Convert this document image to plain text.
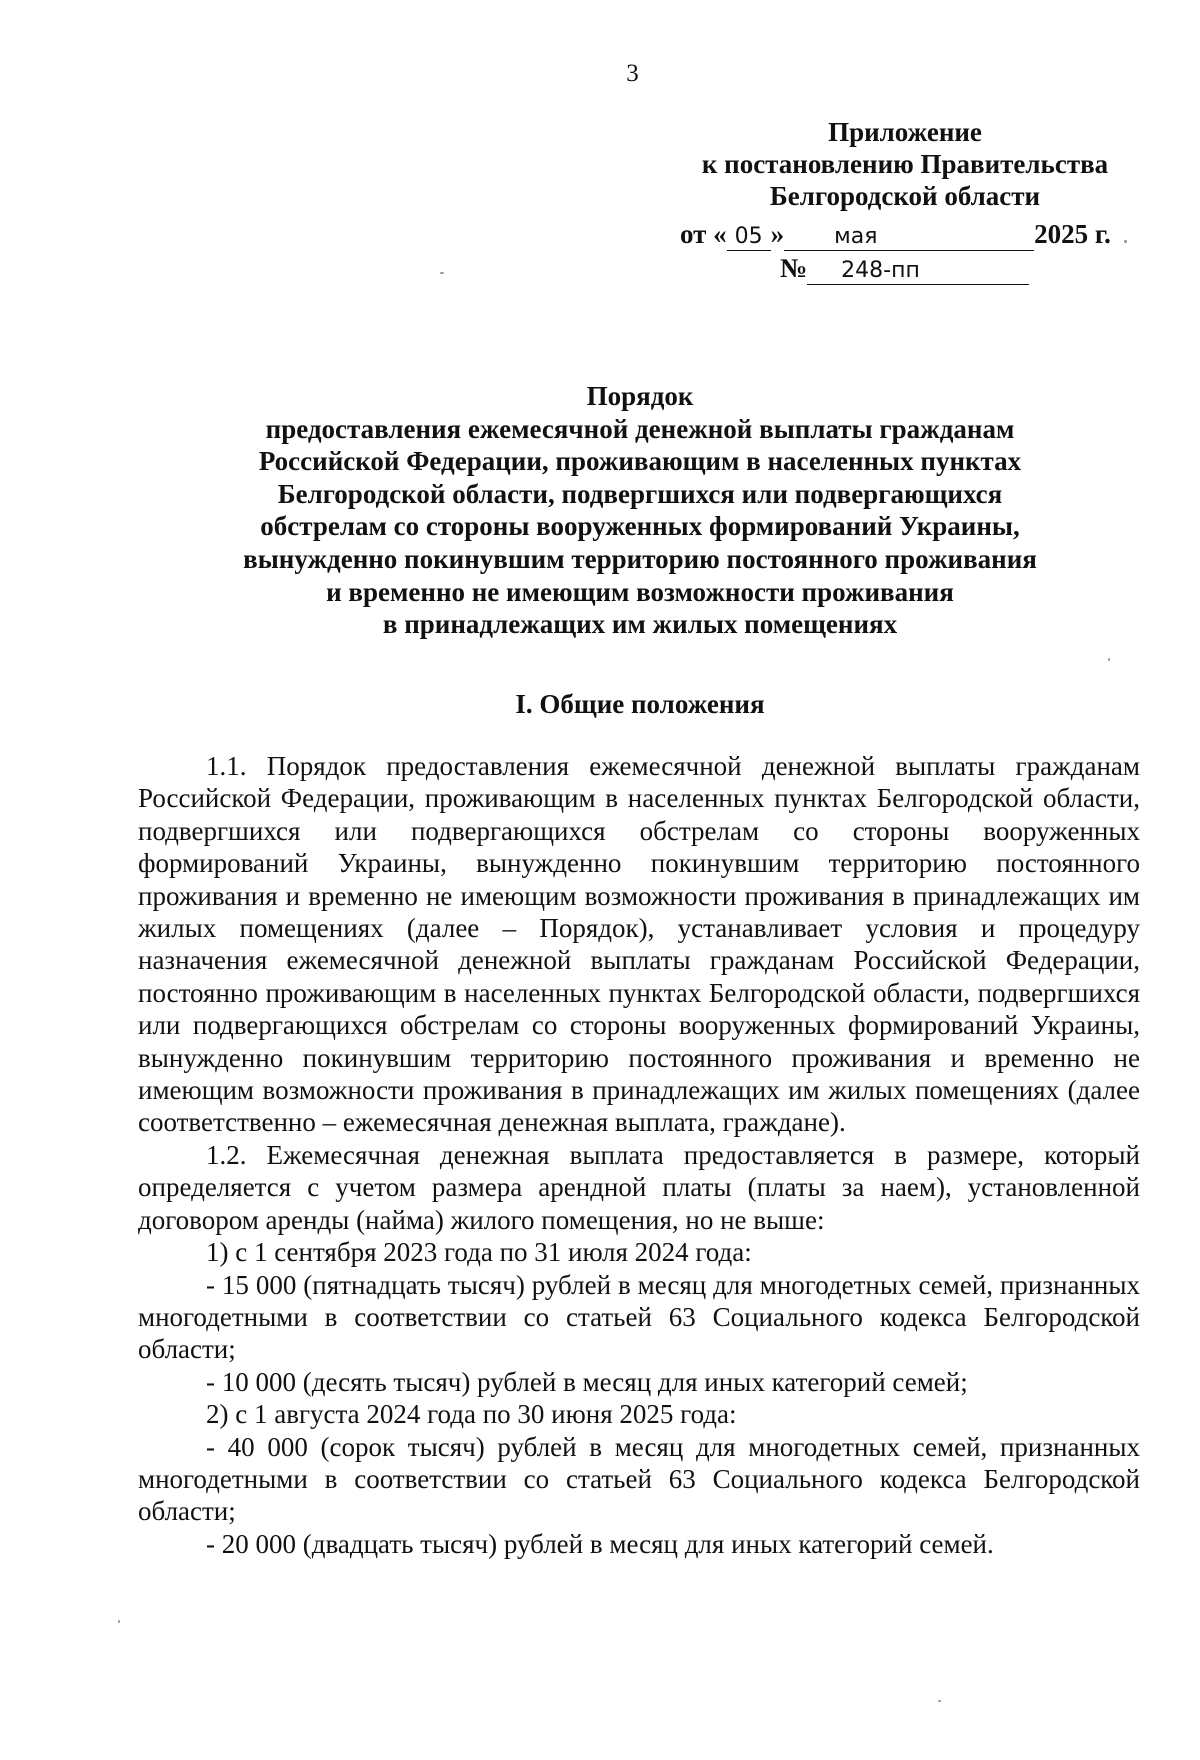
3
Приложение
к постановлению Правительства
Белгородской области
от « 05 » мая	2025 г.
№ 248-пп
Порядок
предоставления ежемесячной денежной выплаты гражданам
Российской Федерации, проживающим в населенных пунктах
Белгородской области, подвергшихся или подвергающихся
обстрелам со стороны вооруженных формирований Украины,
вынужденно покинувшим территорию постоянного проживания
и временно не имеющим возможности проживания
в принадлежащих им жилых помещениях
I. Общие положения

1.1. Порядок предоставления ежемесячной денежной выплаты гражданам Российской Федерации, проживающим в населенных пунктах Белгородской области, подвергшихся или подвергающихся обстрелам со стороны вооруженных формирований Украины, вынужденно покинувшим территорию постоянного проживания и временно не имеющим возможности проживания в принадлежащих им жилых помещениях (далее – Порядок), устанавливает условия и процедуру назначения ежемесячной денежной выплаты гражданам Российской Федерации, постоянно проживающим в населенных пунктах Белгородской области, подвергшихся или подвергающихся обстрелам со стороны вооруженных формирований Украины, вынужденно покинувшим территорию постоянного проживания и временно не имеющим возможности проживания в принадлежащих им жилых помещениях (далее соответственно – ежемесячная денежная выплата, граждане).

1.2. Ежемесячная денежная выплата предоставляется в размере, который определяется с учетом размера арендной платы (платы за наем), установленной договором аренды (найма) жилого помещения, но не выше:

1) с 1 сентября 2023 года по 31 июля 2024 года:

- 15 000 (пятнадцать тысяч) рублей в месяц для многодетных семей, признанных многодетными в соответствии со статьей 63 Социального кодекса Белгородской области;

- 10 000 (десять тысяч) рублей в месяц для иных категорий семей;

2) с 1 августа 2024 года по 30 июня 2025 года:

- 40 000 (сорок тысяч) рублей в месяц для многодетных семей, признанных многодетными в соответствии со статьей 63 Социального кодекса Белгородской области;

- 20 000 (двадцать тысяч) рублей в месяц для иных категорий семей.
